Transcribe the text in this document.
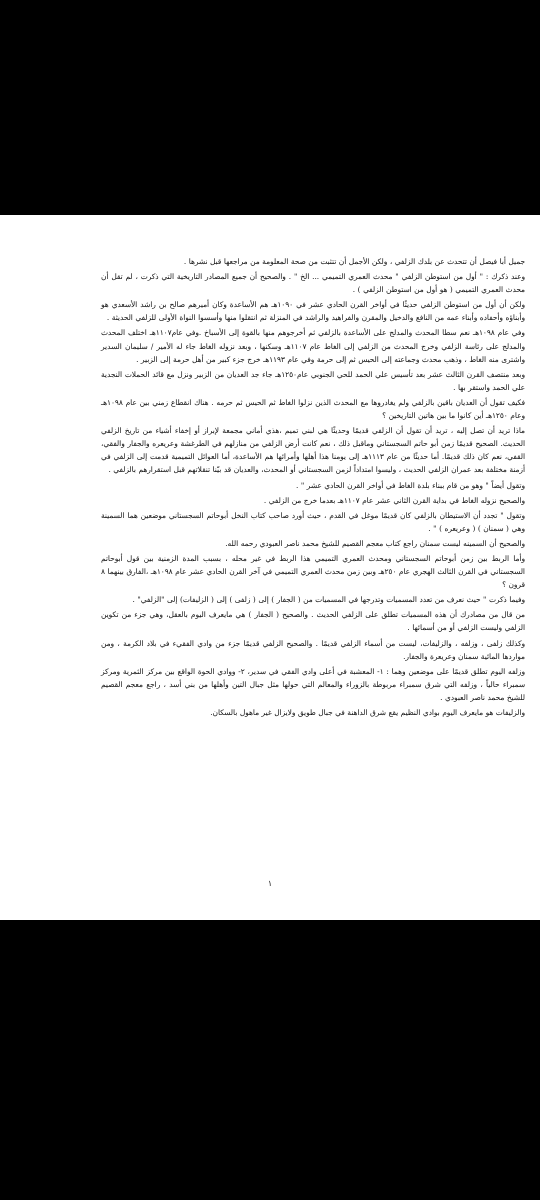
جميل أبا فيصل أن تتحدث عن بلدك الزلفي ، ولكن الأجمل أن تتثبت من صحة المعلومة من مراجعها قبل نشرها .

وعند ذكرك : " أول من استوطن الزلفي " محدث العمري التميمي ... الخ " . والصحيح أن جميع المصادر التاريخية التي ذكرت ، لم تقل أن محدث العمري التميمي ( هو أول من استوطن الزلفي ) .

ولكن أن أول من استوطن الزلفي حديثًا في أواخر القرن الحادي عشر في ١٠٩٠هـ هم الأساعدة وكان أميرهم صالح بن راشد الأسعدي هو وأبناؤه وأحفاده وأبناء عمه من النافع والدخيل والمقرن والفراهيد والراشد في المنزلة ثم انتقلوا منها وأسسوا النواة الأولى للزلفي الحديثة .

وفي عام ١٠٩٨هـ نعم سطا المحدث والمدلج على الأساعدة بالزلفي ثم أخرجوهم منها بالقوة إلى الأسباخ .وفي عام١١٠٧هـ اختلف المحدث والمدلج على رئاسة الزلفي وخرج المحدث من الزلفي إلى الغاط عام ١١٠٧هـ وسكنها ، وبعد نزوله الغاط جاء له الأمير / سليمان السدير واشترى منه الغاط ، وذهب محدث وجماعته إلى الحيس ثم إلى حرمة وفي عام ١١٩٣هـ خرج جزء كبير من أهل حرمة إلى الزبير .

وبعد منتصف القرن الثالث عشر بعد تأسيس علي الحمد للحي الجنوبي عام١٢٥٠هـ جاء جد العديان من الزبير ونزل مع قائد الحملات النجدية علي الحمد واستقر بها .

فكيف تقول أن العديان باقين بالزلفي ولم يغادروها مع المحدث الذين نزلوا الغاط ثم الحيس ثم حرمه . هناك انقطاع زمني بين عام ١٠٩٨هـ وعام ١٢٥٠هـ أين كانوا ما بين هاتين التاريخين ؟

ماذا تريد أن تصل إليه ، تريد أن تقول أن الزلفي قديمًا وحديثًا هي لبني تميم ،هذي أماني مجمعة لإبراز أو إخفاء أشياء من تاريخ الزلفي الحديث. الصحيح قديمًا زمن أبو حاتم السجستاني وماقبل ذلك ، نعم كانت أرض الزلفي من منازلهم في الطرغشة وعريعره والجفار والفقي، القفي، نعم كان ذلك قديمًا. أما حديثًا من عام ١١١٣هـ إلى يومنا هذا أهلها وأمرائها هم الأساعدة، أما العوائل التميمية قدمت إلى الزلفي في أزمنة مختلفة بعد عمران الزلفي الحديث ، وليسوا امتداداً لزمن السجستاني أو المحدث، والعديان قد بيّنا تنقلاتهم قبل استقرارهم بالزلفي .

وتقول أيضاً " وهو من قام ببناء بلدة الغاط في أواخر القرن الحادي عشر " .

والصحيح نزوله الغاط في بداية القرن الثاني عشر عام ١١٠٧هـ بعدما خرج من الزلفي .

وتقول " تجدد أن الاستيطان بالزلفي كان قديمًا موغل في القدم ، حيث أورد صاحب كتاب النخل أبوحاتم السجستاني موضعين هما السمينة وهي ( سمنان ) ( وعريعره ) " .

والصحيح أن السمينه ليست سمنان راجع كتاب معجم القصيم للشيخ محمد ناصر العبودي رحمه الله.

وأما الربط بين زمن أبوحاتم السجستاني ومحدث العمري التميمي هذا الربط في غير محله ، بسبب المدة الزمنية بين قول أبوحاتم السجستاني في القرن الثالث الهجري عام ٢٥٠هـ وبين زمن محدث العمري التميمي في آخر القرن الحادي عشر عام ١٠٩٨هـ ،الفارق بينهما ٨ قرون ؟

وفيما ذكرت " حيث نعرف من تعدد المسميات وتدرجها في المسميات من ( الجفار ) إلى ( زلفى ) إلى ( الزليفات) إلى "الزلفي" .

من قال من مصادرك أن هذه المسميات تطلق على الزلفي الحديث . والصحيح ( الجفار ) هي مايعرف اليوم بالعقل، وهي جزء من تكوين الزلفي وليست الزلفي أو من أسمائها .

وكذلك زلفى ، وزلفه ، والزليفات، ليست من أسماء الزلفي قديمًا . والصحيح الزلفي قديمًا جزء من وادي الفقيء في بلاد الكرمة ، ومن مواردها المائية سمنان وعريعرة والجفار.

وزلفه اليوم تطلق قديمًا على موضعين وهما : ١- المعشبة في أعلى وادي الفقي في سدير، ٢- ووادي الحوة الواقع بين مركز الثمرية ومركز سمبراء حالياً ، وزلفه التي شرق سمبراء مربوطة بالزوراء والمعالم التي حولها مثل جبال التين وأهلها من بني أسد ، راجع معجم القصيم للشيخ محمد ناصر العبودي .

والزليفات هو مايعرف اليوم بوادي النظيم يقع شرق الداهنة في جبال طويق ولايزال غير ماهول بالسكان.

١
